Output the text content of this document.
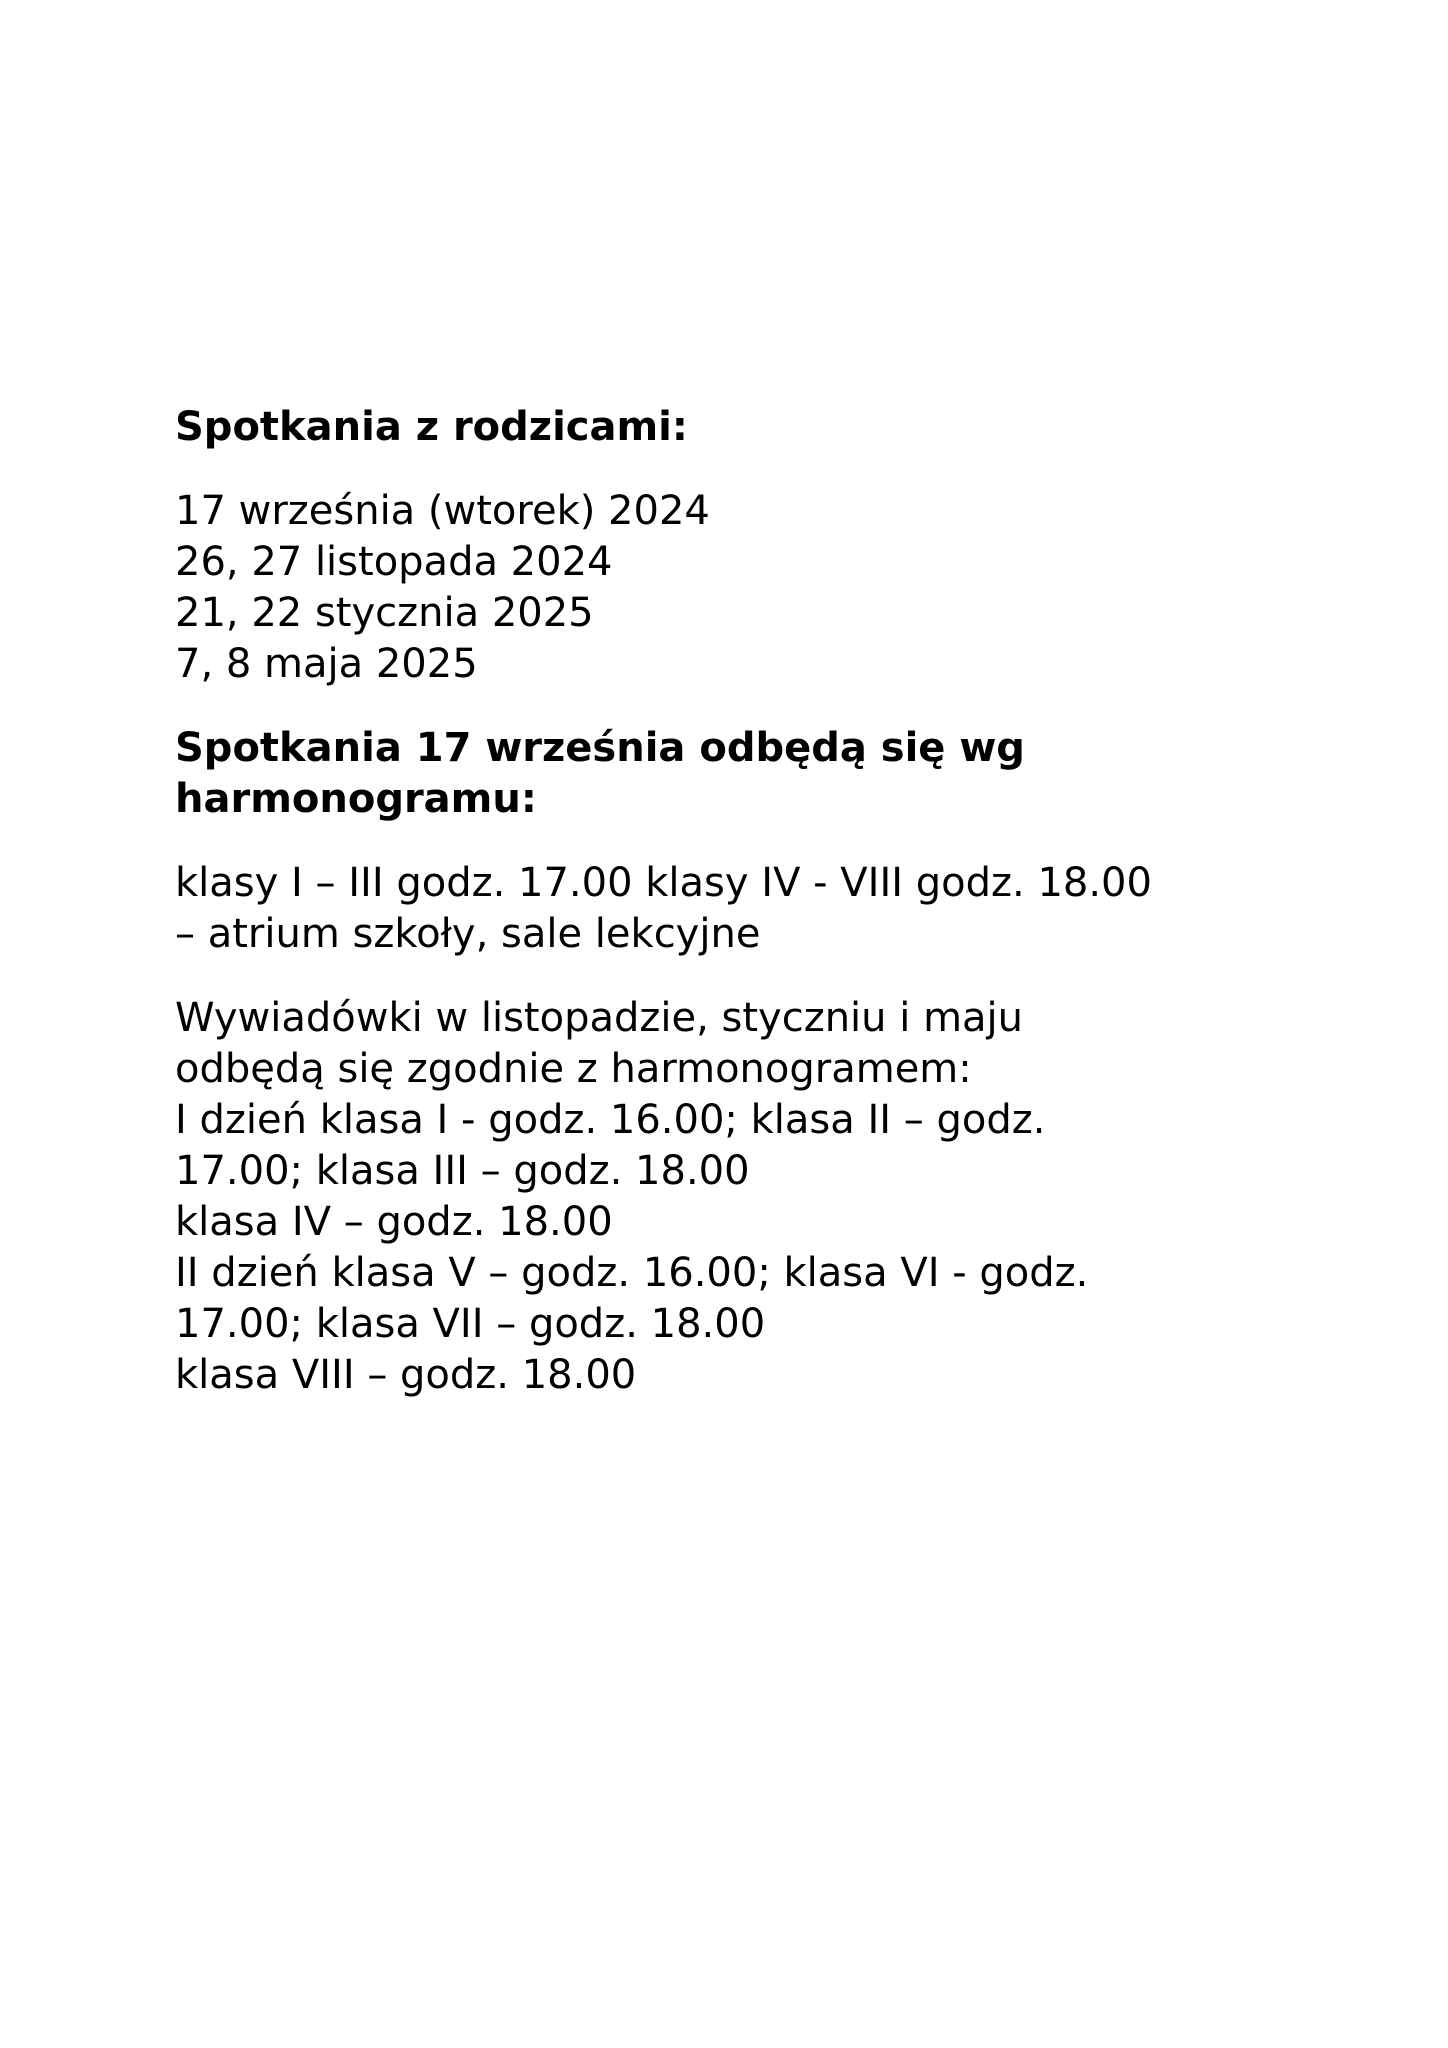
Spotkania z rodzicami:
17 września (wtorek) 2024
26, 27 listopada 2024
21, 22 stycznia 2025
7, 8 maja 2025
Spotkania 17 września odbędą się wg
harmonogramu:
klasy I – III godz. 17.00 klasy IV - VIII godz. 18.00
– atrium szkoły, sale lekcyjne
Wywiadówki w listopadzie, styczniu i maju
odbędą się zgodnie z harmonogramem:
I dzień klasa I - godz. 16.00; klasa II – godz.
17.00; klasa III – godz. 18.00
klasa IV – godz. 18.00
II dzień klasa V – godz. 16.00; klasa VI - godz.
17.00; klasa VII – godz. 18.00
klasa VIII – godz. 18.00
